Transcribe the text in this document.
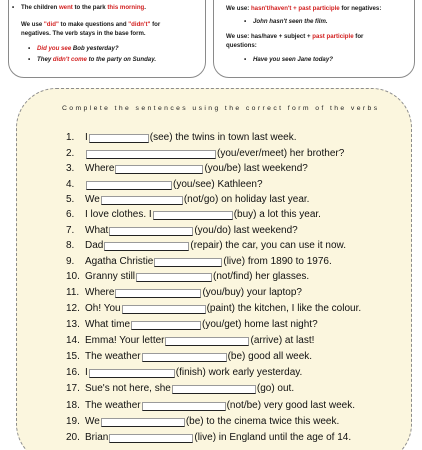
• The children went to the park this morning.
We use "did" to make questions and "didn't" for
negatives. The verb stays in the base form.
• Did you see Bob yesterday?
• They didn't come to the party on Sunday.
We use: hasn't/haven't + past participle for negatives:
• John hasn't seen the film.
We use: has/have + subject + past participle for
questions:
• Have you seen Jane today?
Complete the sentences using the correct form of the verbs
1.	I	(see) the twins in town last week.
2.	(you/ever/meet) her brother?
3.	Where	(you/be) last weekend?
4.	(you/see) Kathleen?
5.	We	(not/go) on holiday last year.
6.	I love clothes. I	(buy) a lot this year.
7.	What	(you/do) last weekend?
8.	Dad	(repair) the car, you can use it now.
9.	Agatha Christie	(live) from 1890 to 1976.
10. Granny still	(not/find) her glasses.
11. Where	(you/buy) your laptop?
12. Oh! You	(paint) the kitchen, I like the colour.
13. What time	(you/get) home last night?
14. Emma! Your letter	(arrive) at last!
15. The weather	(be) good all week.
16. I	(finish) work early yesterday.
17. Sue's not here, she	(go) out.
18. The weather	(not/be) very good last week.
19. We	(be) to the cinema twice this week.
20. Brian	(live) in England until the age of 14.
